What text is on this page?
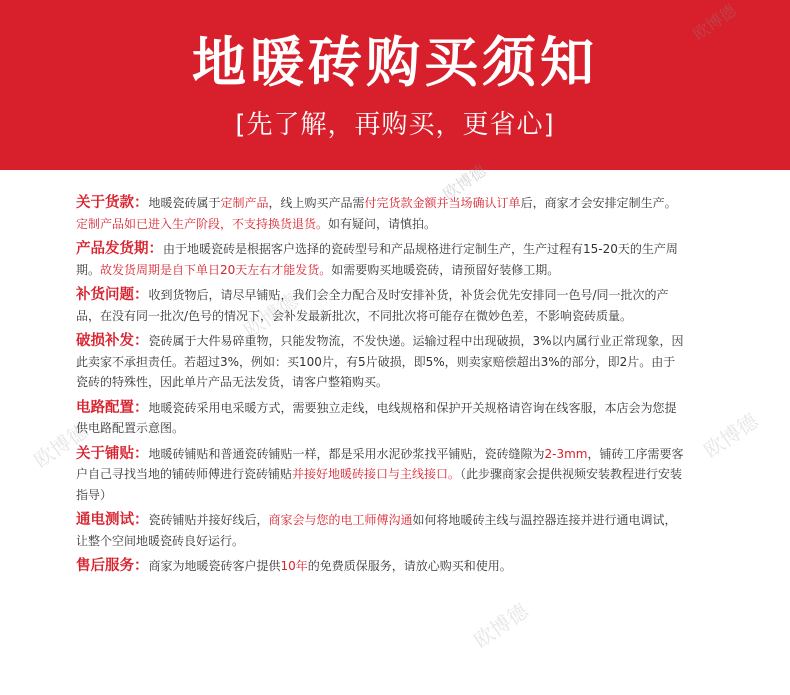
地暖砖购买须知
[先了解，再购买，更省心]
欧博德
欧博德
欧博德
欧博德
欧博德
欧博德
关于货款：地暖瓷砖属于定制产品，线上购买产品需付完货款金额并当场确认订单后，商家才会安排定制生产。定制产品如已进入生产阶段，不支持换货退货。如有疑问，请慎拍。
产品发货期：由于地暖瓷砖是根据客户选择的瓷砖型号和产品规格进行定制生产，生产过程有15-20天的生产周期。故发货周期是自下单日20天左右才能发货。如需要购买地暖瓷砖，请预留好装修工期。
补货问题：收到货物后，请尽早铺贴，我们会全力配合及时安排补货，补货会优先安排同一色号/同一批次的产品，在没有同一批次/色号的情况下，会补发最新批次，不同批次将可能存在微妙色差，不影响瓷砖质量。
破损补发：瓷砖属于大件易碎重物，只能发物流，不发快递。运输过程中出现破损，3%以内属行业正常现象，因此卖家不承担责任。若超过3%，例如：买100片，有5片破损，即5%，则卖家赔偿超出3%的部分，即2片。由于瓷砖的特殊性，因此单片产品无法发货，请客户整箱购买。
电路配置：地暖瓷砖采用电采暖方式，需要独立走线，电线规格和保护开关规格请咨询在线客服，本店会为您提供电路配置示意图。
关于铺贴：地暖砖铺贴和普通瓷砖铺贴一样，都是采用水泥砂浆找平铺贴，瓷砖缝隙为2-3mm，铺砖工序需要客户自己寻找当地的铺砖师傅进行瓷砖铺贴并接好地暖砖接口与主线接口。（此步骤商家会提供视频安装教程进行安装指导）
通电测试：瓷砖铺贴并接好线后，商家会与您的电工师傅沟通如何将地暖砖主线与温控器连接并进行通电调试，让整个空间地暖瓷砖良好运行。
售后服务：商家为地暖瓷砖客户提供10年的免费质保服务，请放心购买和使用。
